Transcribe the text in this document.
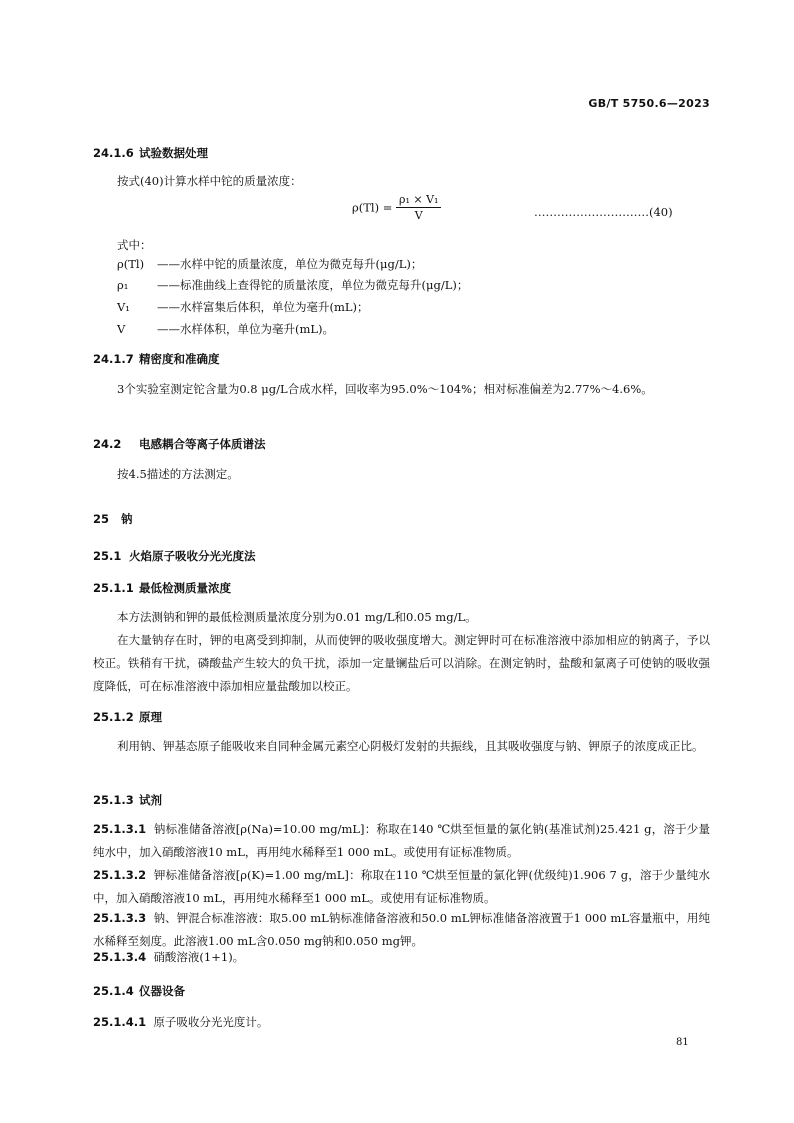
GB/T 5750.6—2023
24.1.6 试验数据处理
按式(40)计算水样中铊的质量浓度：
$\rho(Tl) = \frac{\text{ρ₁ × V₁}}{V}$	…………………………(40)
式中：
ρ(Tl) ——水样中铊的质量浓度，单位为微克每升(μg/L)；
ρ₁ ——标准曲线上查得铊的质量浓度，单位为微克每升(μg/L)；
V₁ ——水样富集后体积，单位为毫升(mL)；
V	——水样体积，单位为毫升(mL)。
24.1.7 精密度和准确度
3个实验室测定铊含量为0.8 μg/L合成水样，回收率为95.0%～104%；相对标准偏差为2.77%～4.6%。
24.2 电感耦合等离子体质谱法
按4.5描述的方法测定。
25 钠
25.1 火焰原子吸收分光光度法
25.1.1 最低检测质量浓度
本方法测钠和钾的最低检测质量浓度分别为0.01 mg/L和0.05 mg/L。
在大量钠存在时，钾的电离受到抑制，从而使钾的吸收强度增大。测定钾时可在标准溶液中添加相应的钠离子，予以校正。铁稍有干扰，磷酸盐产生较大的负干扰，添加一定量镧盐后可以消除。在测定钠时，盐酸和氯离子可使钠的吸收强度降低，可在标准溶液中添加相应量盐酸加以校正。
25.1.2 原理
利用钠、钾基态原子能吸收来自同种金属元素空心阴极灯发射的共振线，且其吸收强度与钠、钾原子的浓度成正比。
25.1.3 试剂
25.1.3.1 钠标准储备溶液[ρ(Na)=10.00 mg/mL]：称取在140 ℃烘至恒量的氯化钠(基准试剂)25.421 g，溶于少量纯水中，加入硝酸溶液10 mL，再用纯水稀释至1 000 mL。或使用有证标准物质。
25.1.3.2 钾标准储备溶液[ρ(K)=1.00 mg/mL]：称取在110 ℃烘至恒量的氯化钾(优级纯)1.906 7 g，溶于少量纯水中，加入硝酸溶液10 mL，再用纯水稀释至1 000 mL。或使用有证标准物质。
25.1.3.3 钠、钾混合标准溶液：取5.00 mL钠标准储备溶液和50.0 mL钾标准储备溶液置于1 000 mL容量瓶中，用纯水稀释至刻度。此溶液1.00 mL含0.050 mg钠和0.050 mg钾。
25.1.3.4 硝酸溶液(1+1)。
25.1.4 仪器设备
25.1.4.1 原子吸收分光光度计。
81
